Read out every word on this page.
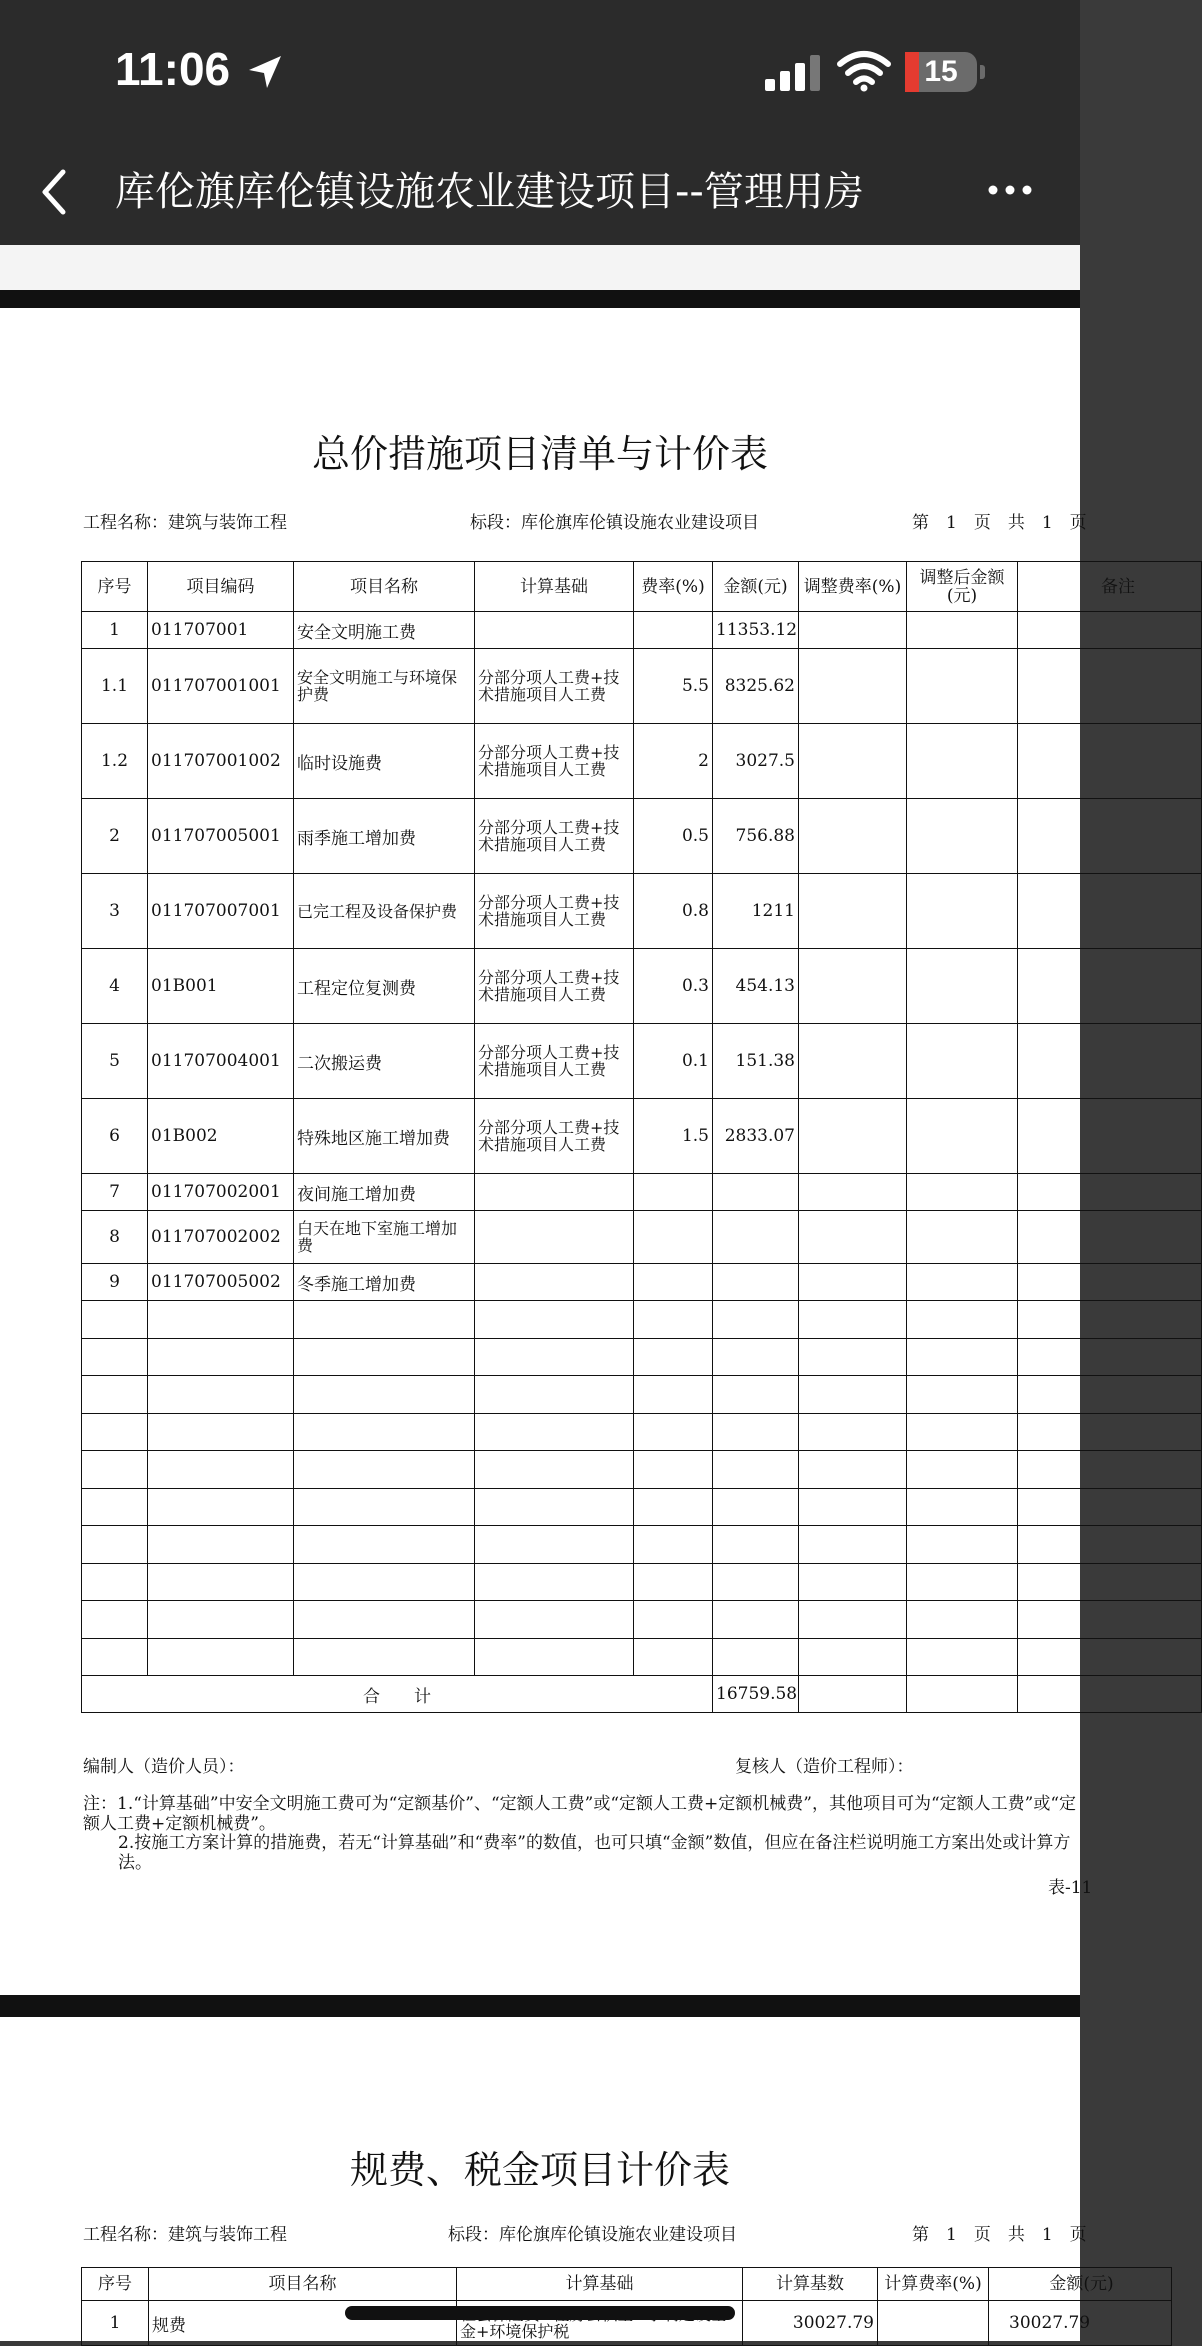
11:06	15
库伦旗库伦镇设施农业建设项目--管理用房
总价措施项目清单与计价表
工程名称：建筑与装饰工程	标段：库伦旗库伦镇设施农业建设项目	第　1　页　共　1　页
序号	项目编码	项目名称	计算基础	费率(%)	金额(元)	调整费率(%)	调整后金额(元)	备注
1	011707001	安全文明施工费			11353.12			
1.1	011707001001	安全文明施工与环境保护费	分部分项人工费+技术措施项目人工费	5.5	8325.62			
1.2	011707001002	临时设施费	分部分项人工费+技术措施项目人工费	2	3027.5			
2	011707005001	雨季施工增加费	分部分项人工费+技术措施项目人工费	0.5	756.88			
3	011707007001	已完工程及设备保护费	分部分项人工费+技术措施项目人工费	0.8	1211			
4	01B001	工程定位复测费	分部分项人工费+技术措施项目人工费	0.3	454.13			
5	011707004001	二次搬运费	分部分项人工费+技术措施项目人工费	0.1	151.38			
6	01B002	特殊地区施工增加费	分部分项人工费+技术措施项目人工费	1.5	2833.07			
7	011707002001	夜间施工增加费						
8	011707002002	白天在地下室施工增加费						
9	011707005002	冬季施工增加费						

合　　计					16759.58			
编制人（造价人员）：	复核人（造价工程师）：
注：1.“计算基础”中安全文明施工费可为“定额基价”、“定额人工费”或“定额人工费+定额机械费”，其他项目可为“定额人工费”或“定额人工费+定额机械费”。
2.按施工方案计算的措施费，若无“计算基础”和“费率”的数值，也可只填“金额”数值，但应在备注栏说明施工方案出处或计算方法。
表-11
规费、税金项目计价表
工程名称：建筑与装饰工程	标段：库伦旗库伦镇设施农业建设项目	第　1　页　共　1　页
序号	项目名称	计算基础	计算基数	计算费率(%)	金额(元)
1	规费	金+环境保护税	30027.79		30027.79
